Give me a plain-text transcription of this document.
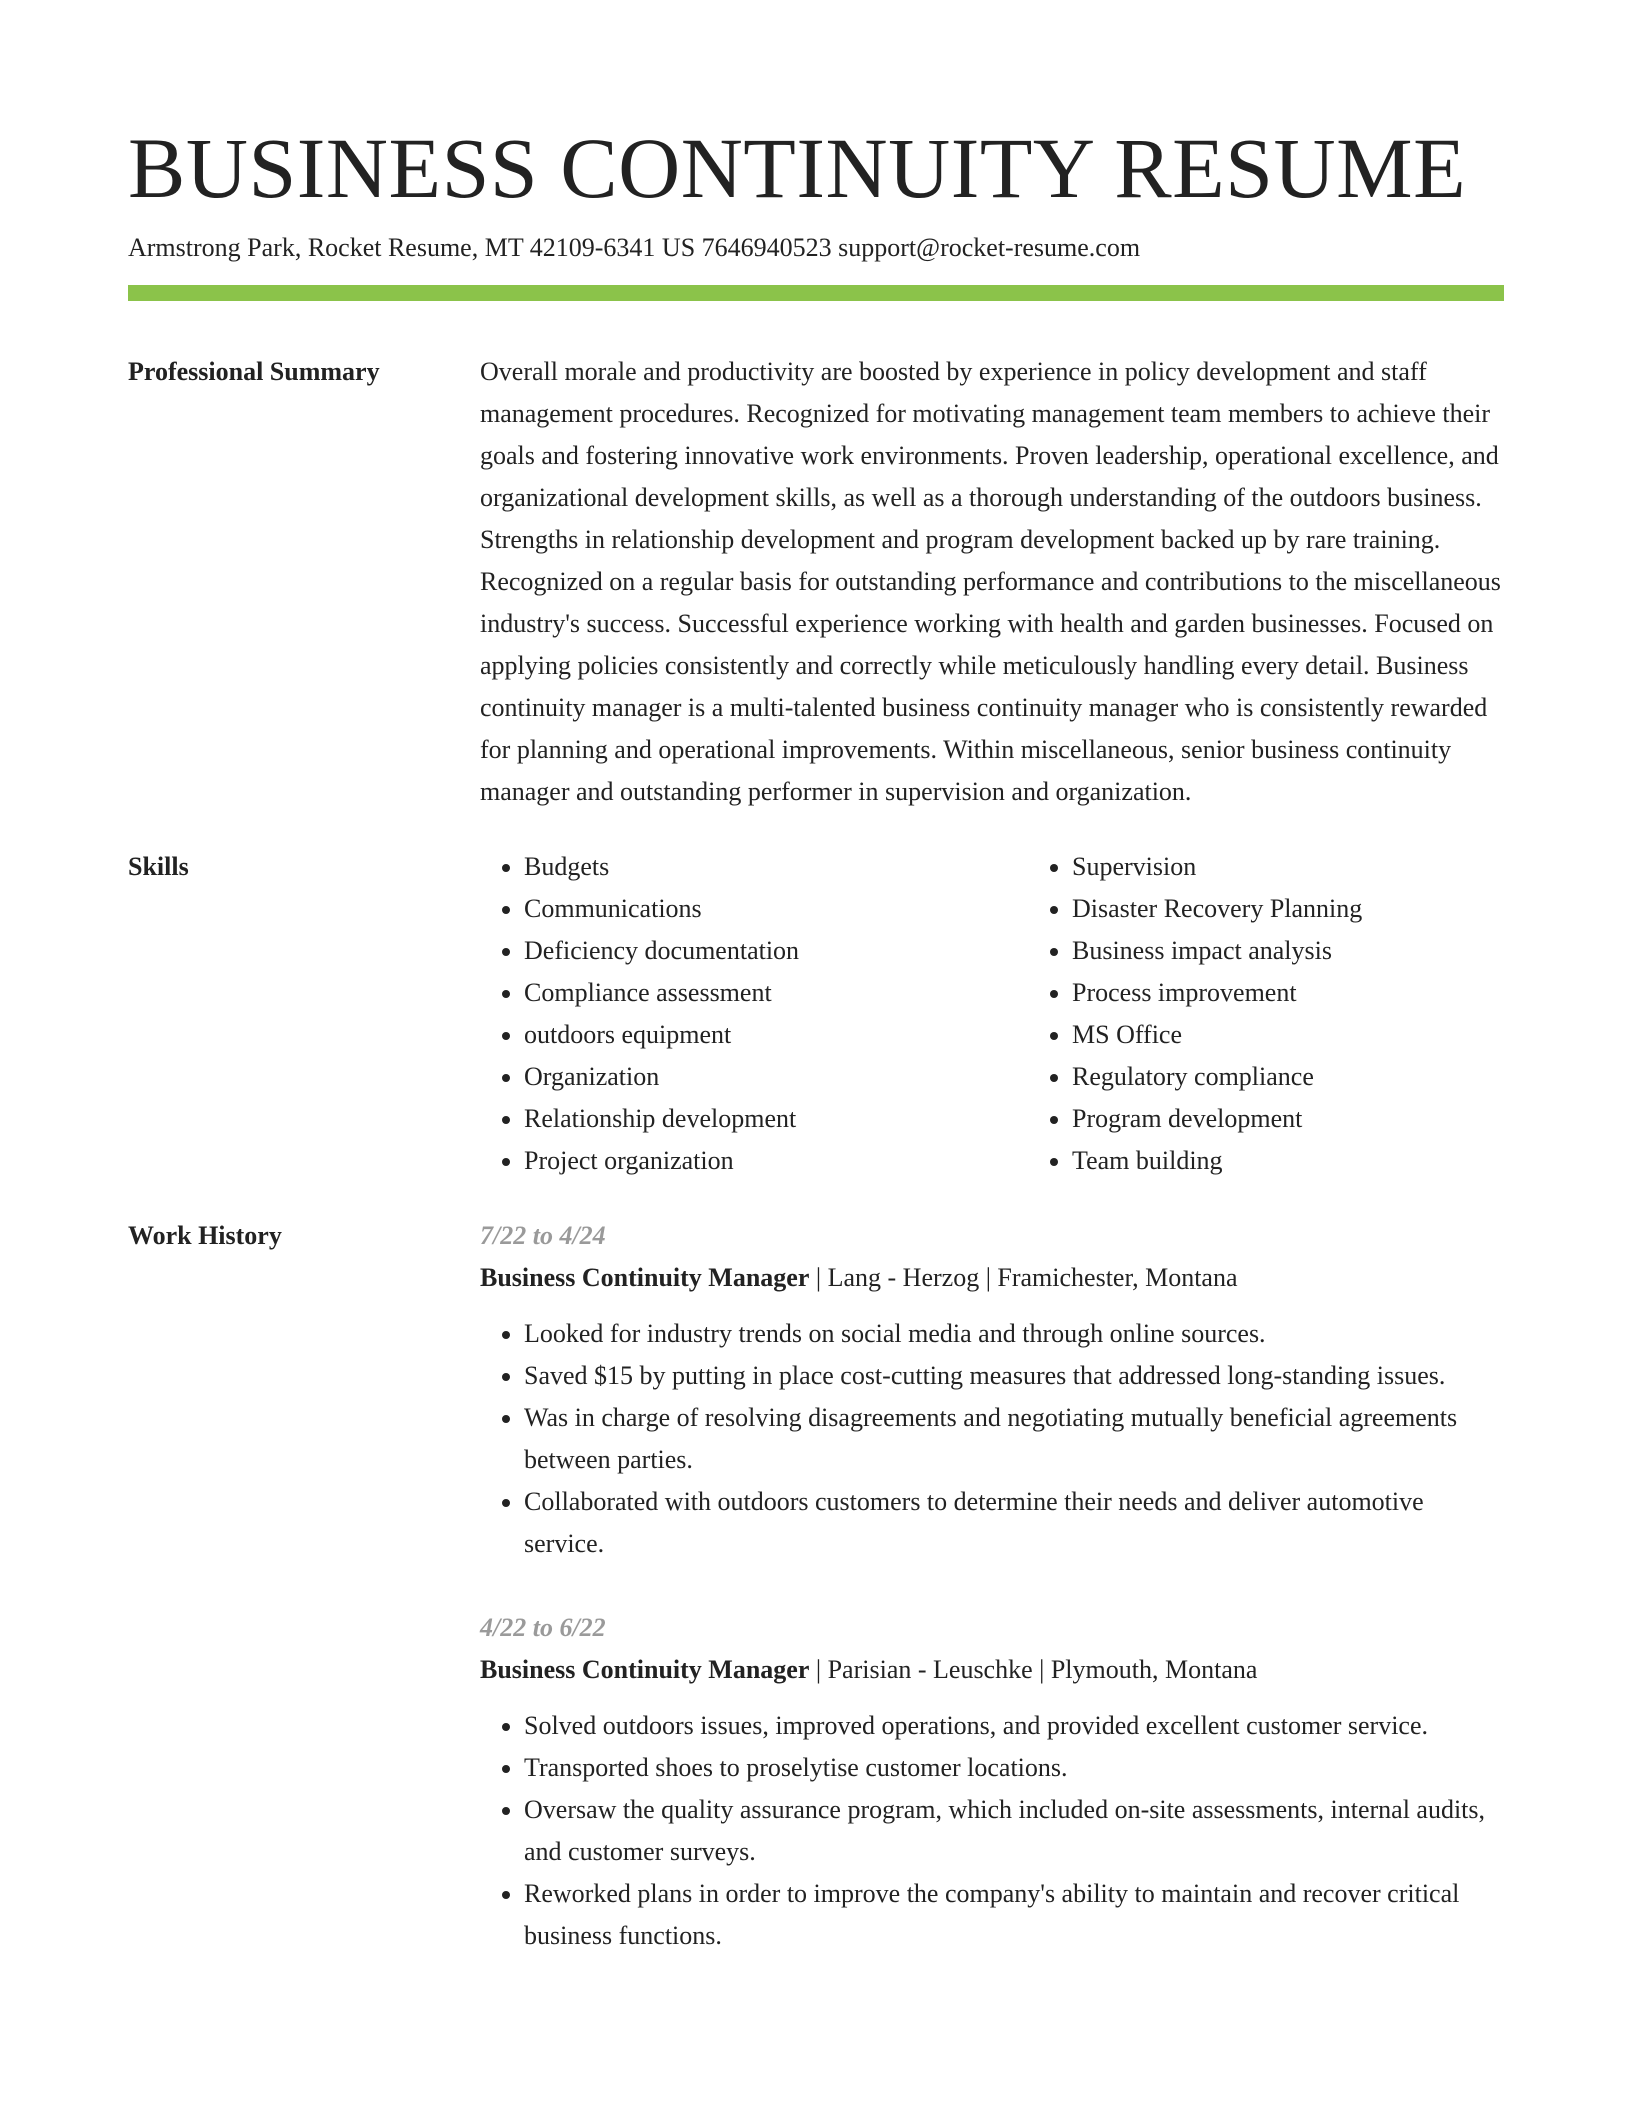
BUSINESS CONTINUITY RESUME
Armstrong Park, Rocket Resume, MT 42109-6341 US 7646940523 support@rocket-resume.com
Professional Summary	Overall morale and productivity are boosted by experience in policy development and staff management procedures. Recognized for motivating management team members to achieve their goals and fostering innovative work environments. Proven leadership, operational excellence, and organizational development skills, as well as a thorough understanding of the outdoors business. Strengths in relationship development and program development backed up by rare training. Recognized on a regular basis for outstanding performance and contributions to the miscellaneous industry's success. Successful experience working with health and garden businesses. Focused on applying policies consistently and correctly while meticulously handling every detail. Business continuity manager is a multi-talented business continuity manager who is consistently rewarded for planning and operational improvements. Within miscellaneous, senior business continuity manager and outstanding performer in supervision and organization.

Skills
•	Budgets
• Communications
• Deficiency documentation
• Compliance assessment
• outdoors equipment
• Organization
• Relationship development
• Project organization
• Supervision
• Disaster Recovery Planning
• Business impact analysis
• Process improvement
• MS Office
• Regulatory compliance
• Program development
• Team building
Work History	7/22 to 4/24
Business Continuity Manager | Lang - Herzog | Framichester, Montana
• Looked for industry trends on social media and through online sources.
• Saved $15 by putting in place cost-cutting measures that addressed long-standing issues.
• Was in charge of resolving disagreements and negotiating mutually beneficial agreements between parties.
• Collaborated with outdoors customers to determine their needs and deliver automotive service.
4/22 to 6/22
Business Continuity Manager | Parisian - Leuschke | Plymouth, Montana
• Solved outdoors issues, improved operations, and provided excellent customer service.
• Transported shoes to proselytise customer locations.
• Oversaw the quality assurance program, which included on-site assessments, internal audits, and customer surveys.
• Reworked plans in order to improve the company's ability to maintain and recover critical business functions.
